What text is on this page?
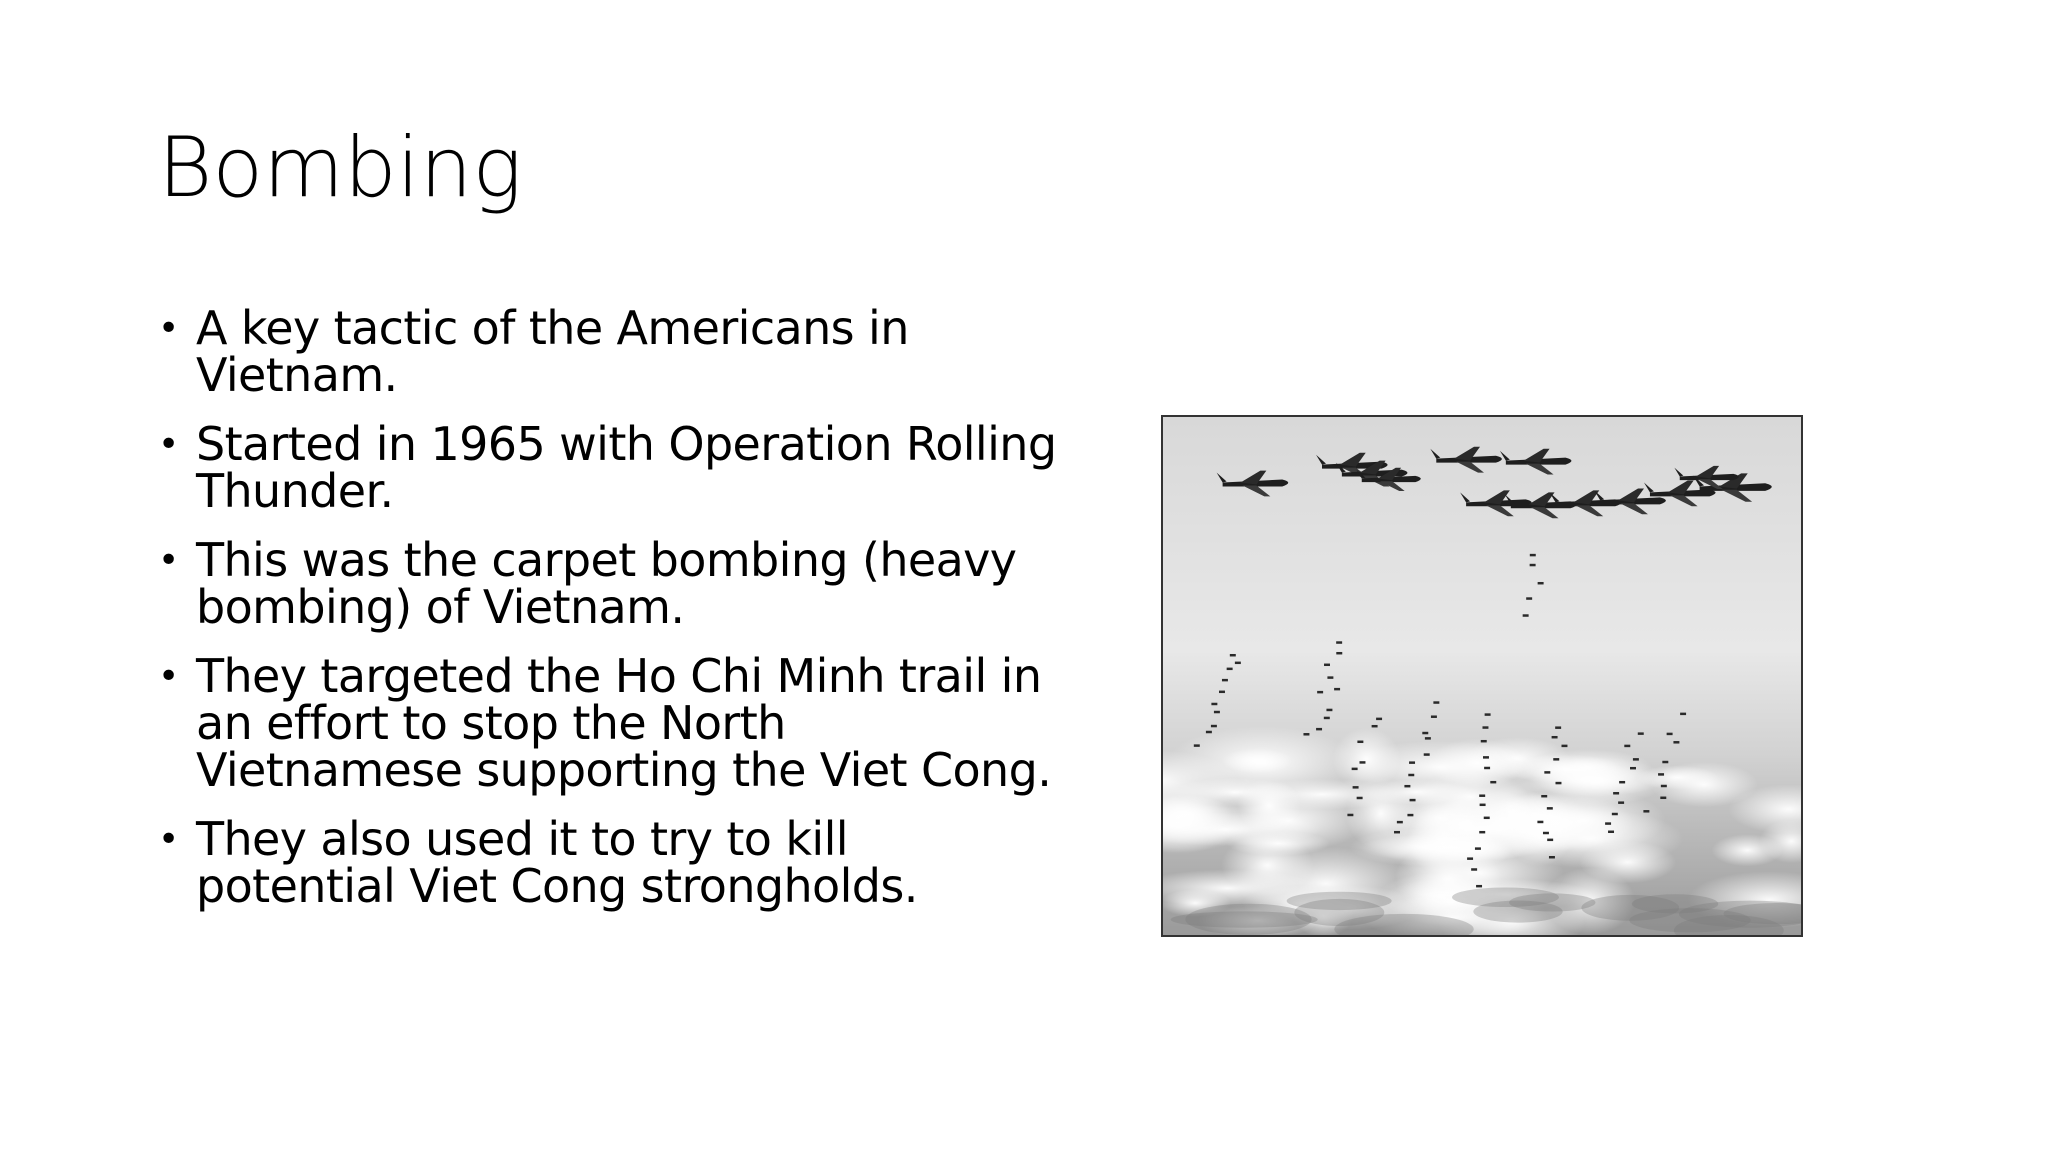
Bombing
• A key tactic of the Americans in Vietnam.
• Started in 1965 with Operation Rolling Thunder.
• This was the carpet bombing (heavy bombing) of Vietnam.
• They targeted the Ho Chi Minh trail in an effort to stop the North Vietnamese supporting the Viet Cong.
• They also used it to try to kill potential Viet Cong strongholds.
